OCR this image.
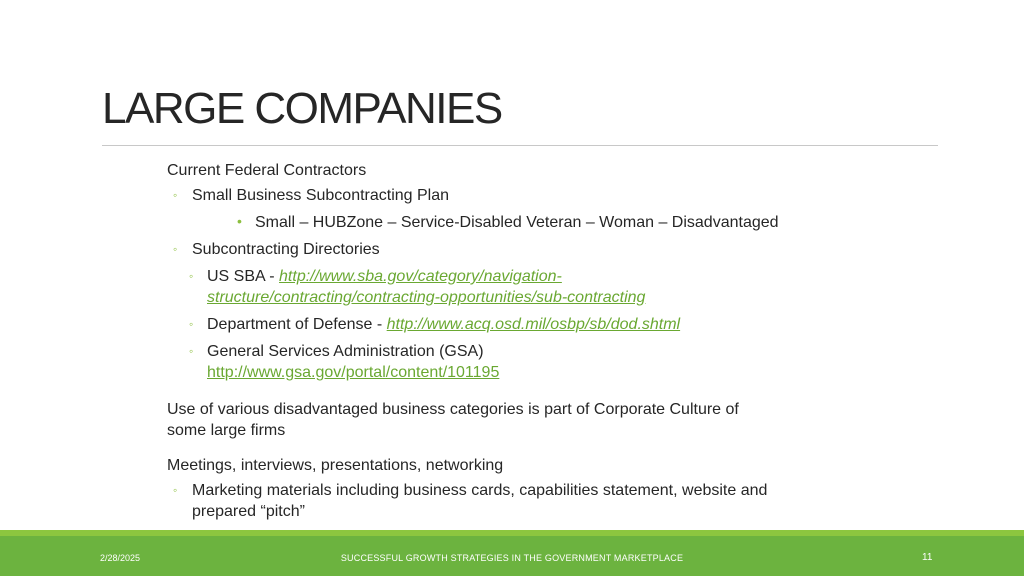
LARGE COMPANIES
Current Federal Contractors
◦ Small Business Subcontracting Plan
• Small – HUBZone – Service-Disabled Veteran – Woman – Disadvantaged
◦ Subcontracting Directories
◦ US SBA - http://www.sba.gov/category/navigation-
structure/contracting/contracting-opportunities/sub-contracting
◦ Department of Defense - http://www.acq.osd.mil/osbp/sb/dod.shtml
◦ General Services Administration (GSA)
http://www.gsa.gov/portal/content/101195
Use of various disadvantaged business categories is part of Corporate Culture of
some large firms
Meetings, interviews, presentations, networking
◦ Marketing materials including business cards, capabilities statement, website and
prepared “pitch”
2/28/2025	SUCCESSFUL GROWTH STRATEGIES IN THE GOVERNMENT MARKETPLACE	11
